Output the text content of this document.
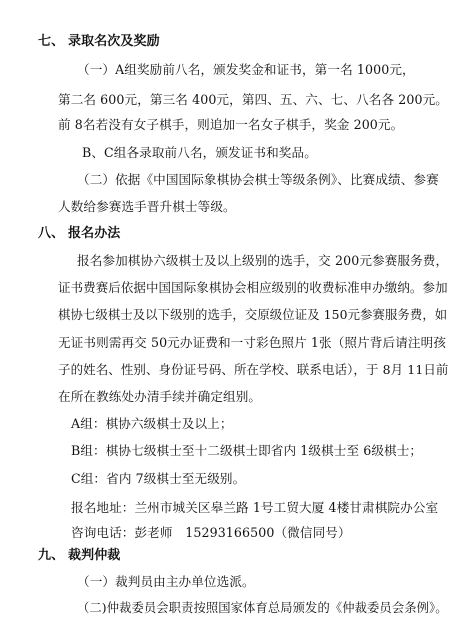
七、 录取名次及奖励
（一）A组奖励前八名，颁发奖金和证书，第一名 1000元，
第二名 600元，第三名 400元，第四、五、六、七、八名各 200元。
前 8名若没有女子棋手，则追加一名女子棋手，奖金 200元。
B、C组各录取前八名，颁发证书和奖品。
（二）依据《中国国际象棋协会棋士等级条例》、比赛成绩、参赛
人数给参赛选手晋升棋士等级。
八、 报名办法
报名参加棋协六级棋士及以上级别的选手，交 200元参赛服务费，
证书费赛后依据中国国际象棋协会相应级别的收费标准申办缴纳。参加
棋协七级棋士及以下级别的选手，交原级位证及 150元参赛服务费，如
无证书则需再交 50元办证费和一寸彩色照片 1张（照片背后请注明孩
子的姓名、性别、身份证号码、所在学校、联系电话），于 8月 11日前
在所在教练处办清手续并确定组别。
A组：棋协六级棋士及以上；
B组：棋协七级棋士至十二级棋士即省内 1级棋士至 6级棋士；
C组：省内 7级棋士至无级别。
报名地址：兰州市城关区皋兰路 1号工贸大厦 4楼甘肃棋院办公室
咨询电话：彭老师　15293166500（微信同号）
九、 裁判仲裁
（一）裁判员由主办单位选派。
（二)仲裁委员会职责按照国家体育总局颁发的《仲裁委员会条例》。
